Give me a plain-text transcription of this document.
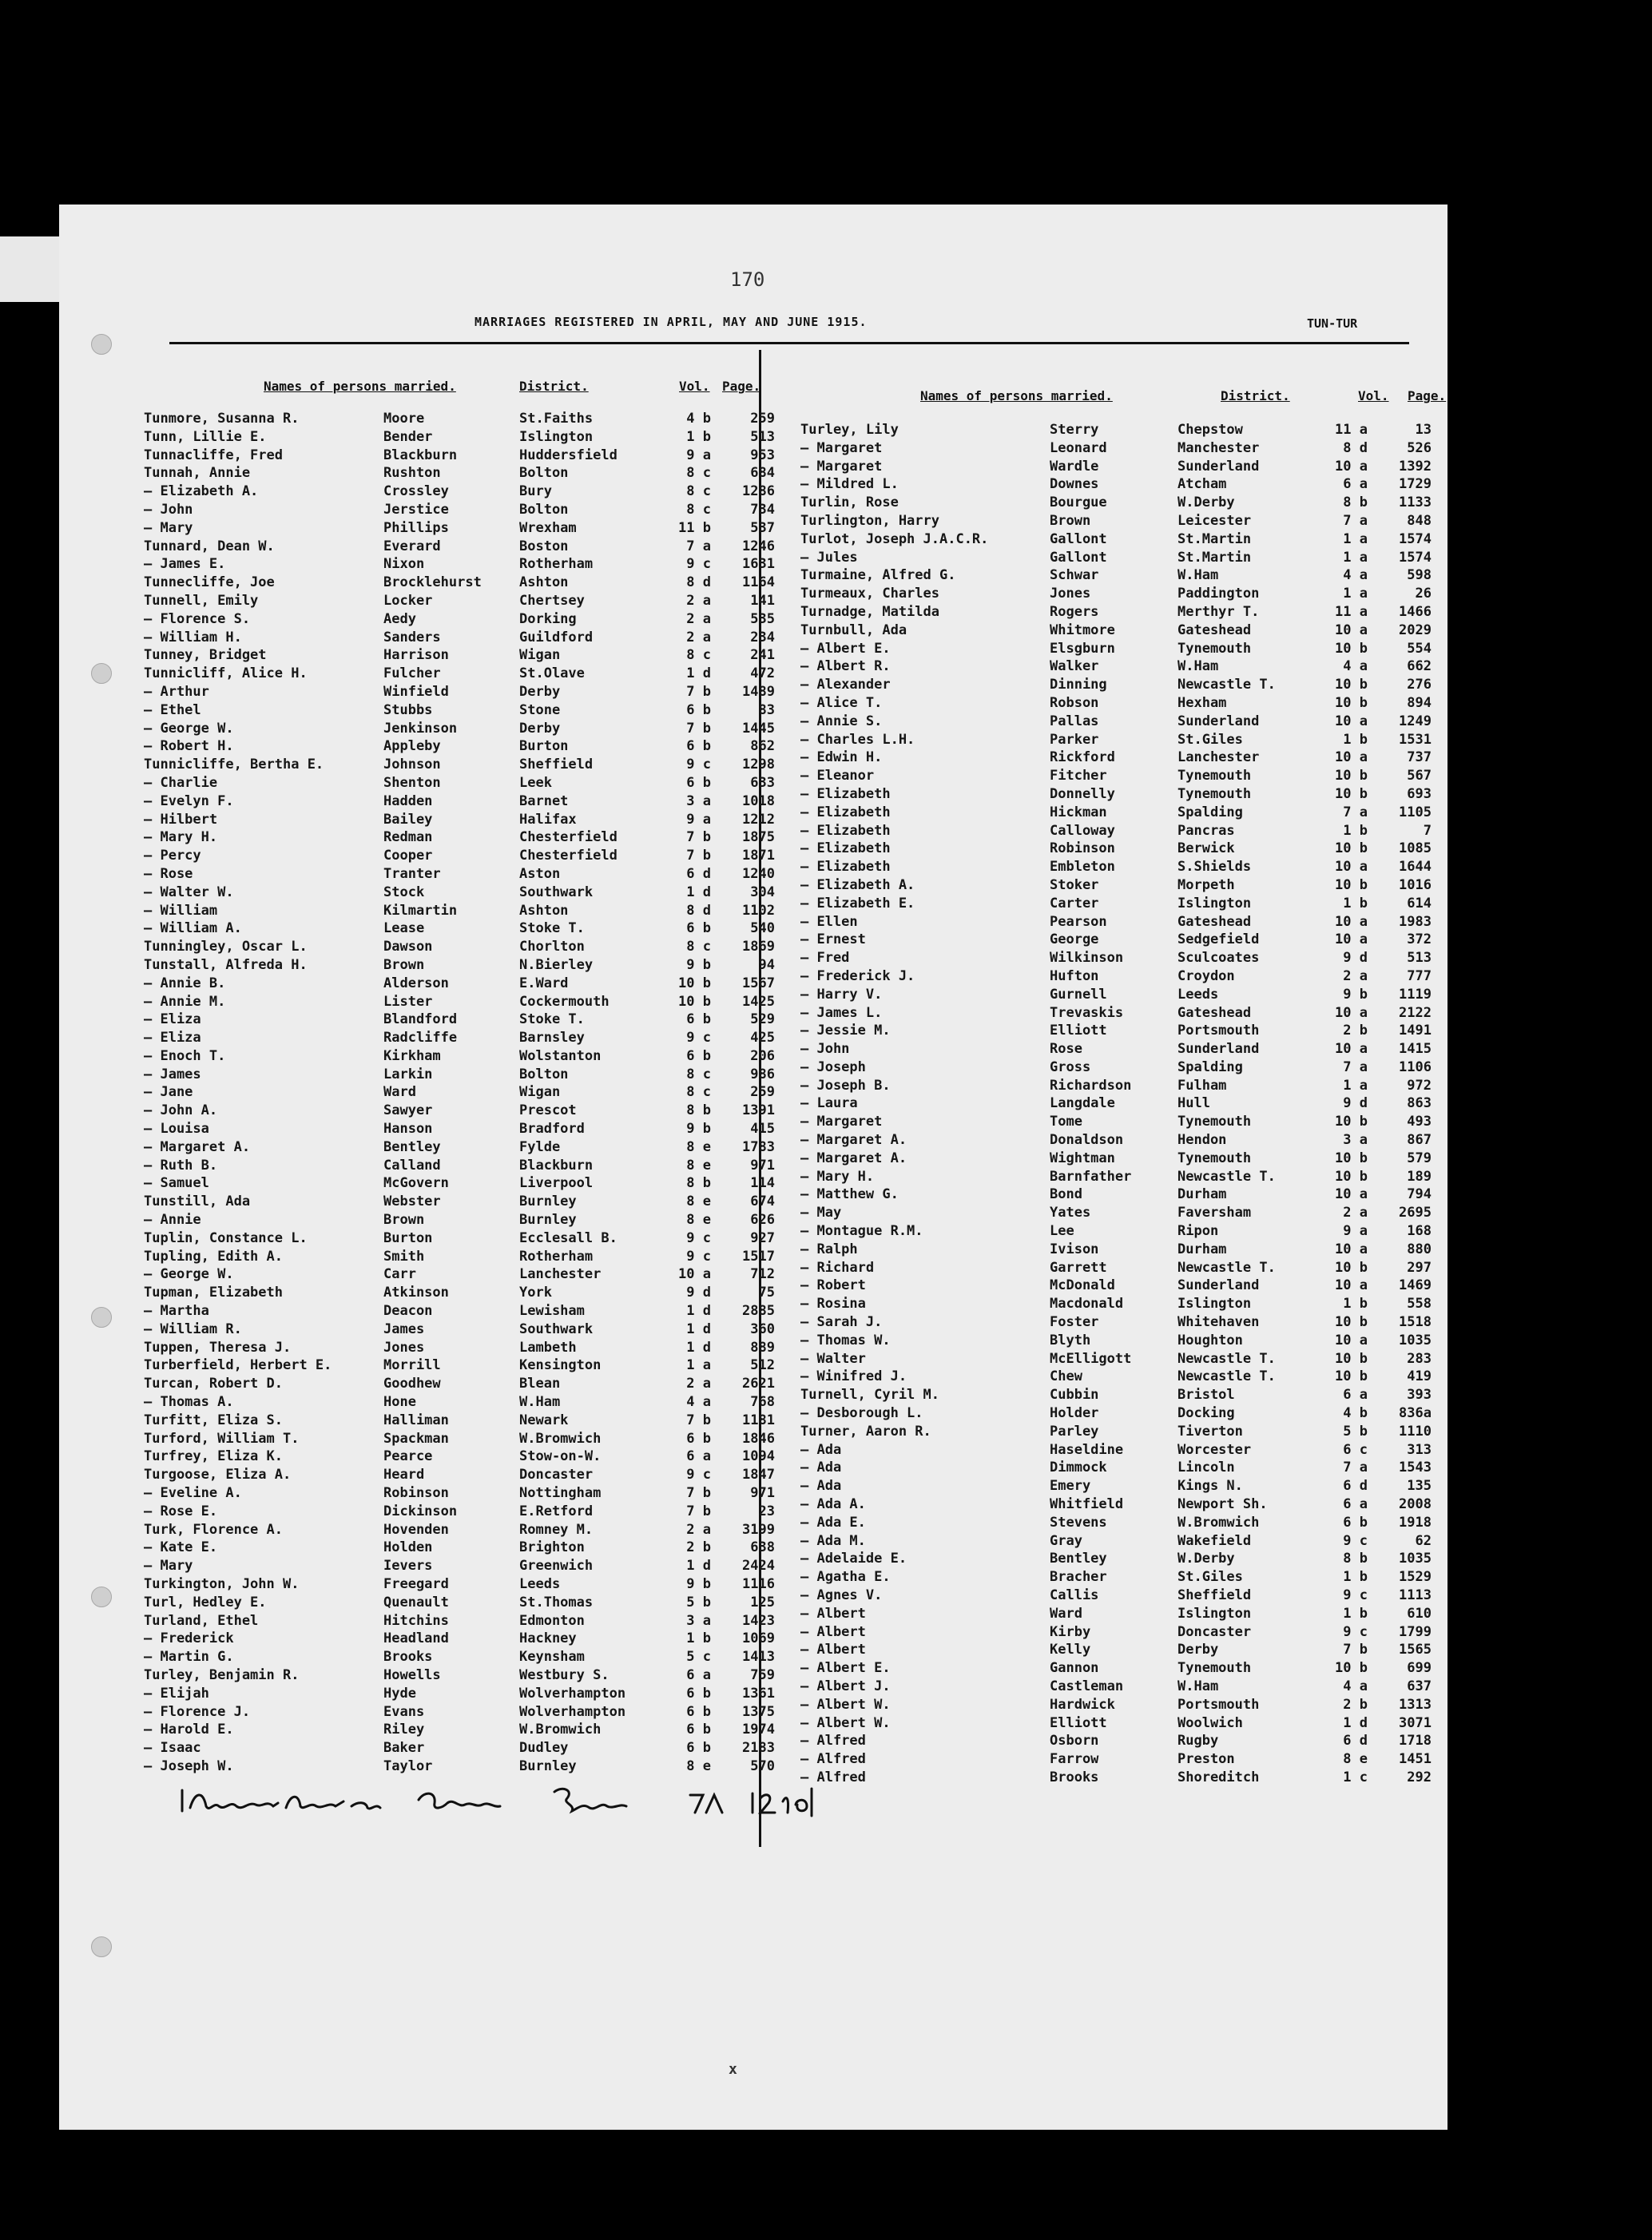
170
MARRIAGES REGISTERED IN APRIL, MAY AND JUNE 1915.	TUN-TUR
Names of persons married.	District.	Vol. Page.
Tunmore, Susanna R.	Moore	St.Faiths	4 b	259
Tunn, Lillie E.	Bender	Islington	1 b	513
Tunnacliffe, Fred	Blackburn	Huddersfield	9 a	953
Tunnah, Annie	Rushton	Bolton	8 c	684
— Elizabeth A.	Crossley	Bury	8 c	1286
— John	Jerstice	Bolton	8 c	734
— Mary	Phillips	Wrexham	11 b	537
Tunnard, Dean W.	Everard	Boston	7 a	1246
— James E.	Nixon	Rotherham	9 c	1631
Tunnecliffe, Joe	Brocklehurst	Ashton	8 d	1164
Tunnell, Emily	Locker	Chertsey	2 a	141
— Florence S.	Aedy	Dorking	2 a	535
— William H.	Sanders	Guildford	2 a	234
Tunney, Bridget	Harrison	Wigan	8 c	241
Tunnicliff, Alice H.	Fulcher	St.Olave	1 d	472
— Arthur	Winfield	Derby	7 b	1489
— Ethel	Stubbs	Stone	6 b	83
— George W.	Jenkinson	Derby	7 b	1445
— Robert H.	Appleby	Burton	6 b	862
Tunnicliffe, Bertha E.	Johnson	Sheffield	9 c	1298
— Charlie	Shenton	Leek	6 b	633
— Evelyn F.	Hadden	Barnet	3 a	1018
— Hilbert	Bailey	Halifax	9 a	1212
— Mary H.	Redman	Chesterfield	7 b	1875
— Percy	Cooper	Chesterfield	7 b	1871
— Rose	Tranter	Aston	6 d	1240
— Walter W.	Stock	Southwark	1 d	304
— William	Kilmartin	Ashton	8 d	1102
— William A.	Lease	Stoke T.	6 b	540
Tunningley, Oscar L.	Dawson	Chorlton	8 c	1869
Tunstall, Alfreda H.	Brown	N.Bierley	9 b	94
— Annie B.	Alderson	E.Ward	10 b	1567
— Annie M.	Lister	Cockermouth	10 b	1425
— Eliza	Blandford	Stoke T.	6 b	529
— Eliza	Radcliffe	Barnsley	9 c	425
— Enoch T.	Kirkham	Wolstanton	6 b	206
— James	Larkin	Bolton	8 c	986
— Jane	Ward	Wigan	8 c	259
— John A.	Sawyer	Prescot	8 b	1391
— Louisa	Hanson	Bradford	9 b	415
— Margaret A.	Bentley	Fylde	8 e	1783
— Ruth B.	Calland	Blackburn	8 e	971
— Samuel	McGovern	Liverpool	8 b	114
Tunstill, Ada	Webster	Burnley	8 e	674
— Annie	Brown	Burnley	8 e	626
Tuplin, Constance L.	Burton	Ecclesall B.	9 c	927
Tupling, Edith A.	Smith	Rotherham	9 c	1517
— George W.	Carr	Lanchester	10 a	712
Tupman, Elizabeth	Atkinson	York	9 d	75
— Martha	Deacon	Lewisham	1 d	2885
— William R.	James	Southwark	1 d	360
Tuppen, Theresa J.	Jones	Lambeth	1 d	889
Turberfield, Herbert E.	Morrill	Kensington	1 a	512
Turcan, Robert D.	Goodhew	Blean	2 a	2621
— Thomas A.	Hone	W.Ham	4 a	768
Turfitt, Eliza S.	Halliman	Newark	7 b	1181
Turford, William T.	Spackman	W.Bromwich	6 b	1846
Turfrey, Eliza K.	Pearce	Stow-on-W.	6 a	1094
Turgoose, Eliza A.	Heard	Doncaster	9 c	1847
— Eveline A.	Robinson	Nottingham	7 b	971
— Rose E.	Dickinson	E.Retford	7 b	23
Turk, Florence A.	Hovenden	Romney M.	2 a	3199
— Kate E.	Holden	Brighton	2 b	638
— Mary	Ievers	Greenwich	1 d	2424
Turkington, John W.	Freegard	Leeds	9 b	1116
Turl, Hedley E.	Quenault	St.Thomas	5 b	125
Turland, Ethel	Hitchins	Edmonton	3 a	1423
— Frederick	Headland	Hackney	1 b	1069
— Martin G.	Brooks	Keynsham	5 c	1413
Turley, Benjamin R.	Howells	Westbury S.	6 a	759
— Elijah	Hyde	Wolverhampton	6 b	1361
— Florence J.	Evans	Wolverhampton	6 b	1375
— Harold E.	Riley	W.Bromwich	6 b	1974
— Isaac	Baker	Dudley	6 b	2183
— Joseph W.	Taylor	Burnley	8 e	570
Names of persons married.	District.	Vol. Page.
Turley, Lily	Sterry	Chepstow	11 a	13
— Margaret	Leonard	Manchester	8 d	526
— Margaret	Wardle	Sunderland	10 a	1392
— Mildred L.	Downes	Atcham	6 a	1729
Turlin, Rose	Bourgue	W.Derby	8 b	1133
Turlington, Harry	Brown	Leicester	7 a	848
Turlot, Joseph J.A.C.R.	Gallont	St.Martin	1 a	1574
— Jules	Gallont	St.Martin	1 a	1574
Turmaine, Alfred G.	Schwar	W.Ham	4 a	598
Turmeaux, Charles	Jones	Paddington	1 a	26
Turnadge, Matilda	Rogers	Merthyr T.	11 a	1466
Turnbull, Ada	Whitmore	Gateshead	10 a	2029
— Albert E.	Elsgburn	Tynemouth	10 b	554
— Albert R.	Walker	W.Ham	4 a	662
— Alexander	Dinning	Newcastle T.	10 b	276
— Alice T.	Robson	Hexham	10 b	894
— Annie S.	Pallas	Sunderland	10 a	1249
— Charles L.H.	Parker	St.Giles	1 b	1531
— Edwin H.	Rickford	Lanchester	10 a	737
— Eleanor	Fitcher	Tynemouth	10 b	567
— Elizabeth	Donnelly	Tynemouth	10 b	693
— Elizabeth	Hickman	Spalding	7 a	1105
— Elizabeth	Calloway	Pancras	1 b	7
— Elizabeth	Robinson	Berwick	10 b	1085
— Elizabeth	Embleton	S.Shields	10 a	1644
— Elizabeth A.	Stoker	Morpeth	10 b	1016
— Elizabeth E.	Carter	Islington	1 b	614
— Ellen	Pearson	Gateshead	10 a	1983
— Ernest	George	Sedgefield	10 a	372
— Fred	Wilkinson	Sculcoates	9 d	513
— Frederick J.	Hufton	Croydon	2 a	777
— Harry V.	Gurnell	Leeds	9 b	1119
— James L.	Trevaskis	Gateshead	10 a	2122
— Jessie M.	Elliott	Portsmouth	2 b	1491
— John	Rose	Sunderland	10 a	1415
— Joseph	Gross	Spalding	7 a	1106
— Joseph B.	Richardson	Fulham	1 a	972
— Laura	Langdale	Hull	9 d	863
— Margaret	Tome	Tynemouth	10 b	493
— Margaret A.	Donaldson	Hendon	3 a	867
— Margaret A.	Wightman	Tynemouth	10 b	579
— Mary H.	Barnfather	Newcastle T.	10 b	189
— Matthew G.	Bond	Durham	10 a	794
— May	Yates	Faversham	2 a	2695
— Montague R.M.	Lee	Ripon	9 a	168
— Ralph	Ivison	Durham	10 a	880
— Richard	Garrett	Newcastle T.	10 b	297
— Robert	McDonald	Sunderland	10 a	1469
— Rosina	Macdonald	Islington	1 b	558
— Sarah J.	Foster	Whitehaven	10 b	1518
— Thomas W.	Blyth	Houghton	10 a	1035
— Walter	McElligott	Newcastle T.	10 b	283
— Winifred J.	Chew	Newcastle T.	10 b	419
Turnell, Cyril M.	Cubbin	Bristol	6 a	393
— Desborough L.	Holder	Docking	4 b	836a
Turner, Aaron R.	Parley	Tiverton	5 b	1110
— Ada	Haseldine	Worcester	6 c	313
— Ada	Dimmock	Lincoln	7 a	1543
— Ada	Emery	Kings N.	6 d	135
— Ada A.	Whitfield	Newport Sh.	6 a	2008
— Ada E.	Stevens	W.Bromwich	6 b	1918
— Ada M.	Gray	Wakefield	9 c	62
— Adelaide E.	Bentley	W.Derby	8 b	1035
— Agatha E.	Bracher	St.Giles	1 b	1529
— Agnes V.	Callis	Sheffield	9 c	1113
— Albert	Ward	Islington	1 b	610
— Albert	Kirby	Doncaster	9 c	1799
— Albert	Kelly	Derby	7 b	1565
— Albert E.	Gannon	Tynemouth	10 b	699
— Albert J.	Castleman	W.Ham	4 a	637
— Albert W.	Hardwick	Portsmouth	2 b	1313
— Albert W.	Elliott	Woolwich	1 d	3071
— Alfred	Osborn	Rugby	6 d	1718
— Alfred	Farrow	Preston	8 e	1451
— Alfred	Brooks	Shoreditch	1 c	292
x
